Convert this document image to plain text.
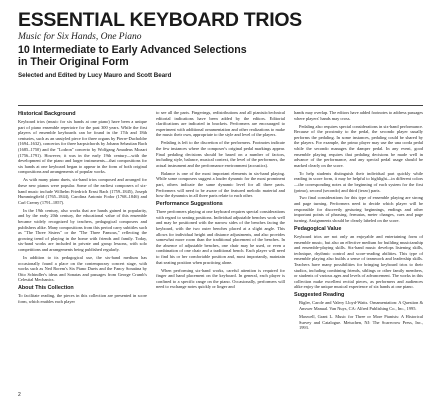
ESSENTIAL KEYBOARD TRIOS
Music for Six Hands, One Piano
10 Intermediate to Early Advanced Selections
in Their Original Form
Selected and Edited by Lucy Mauro and Scott Beard
Historical Background

Keyboard trios (music for six hands at one piano) have been a unique part of piano ensemble repertoire for the past 300 years. While the first players of ensemble keyboards can be found in the 17th and 18th centuries, such as an unstyled piece for three organs by Pierre-Ducholdre (1694–1632), concertos for three harpsichords by Johann Sebastian Bach (1685–1750) and the "Lodron" concerto by Wolfgang Amadeus Mozart (1756–1791). However, it was in the early 19th century—with the development of the piano and larger instruments—that compositions for six hands at one keyboard began to appear in the form of both original compositions and arrangements of popular works.

As with many piano duets, six-hand trios composed and arranged for these new pianos were popular. Some of the earliest composers of six-hand music include Wilhelm Friedrich Ernst Bach (1759–1845), Joseph Hummingfield (1765–1844), Carolina Antonio Fodor (1768–1846) and Carl Czerny (1791–1857).

In the 19th century, also works that are hands gained in popularity, and by the early 20th century, the educational value of this ensemble became widely recognized by teachers, pedagogical composers and publishers alike. Many compositions from this period carry subtitles such as "The Three Sisters" or the "The Three Famous," reflecting the growing trend of playing in the home with friends and family. Today, six-hand works are included in private and group lessons, with solo competitions and arrangements being published regularly.

In addition to its pedagogical use, the six-hand medium has occasionally found a place on the contemporary concert stage, with works such as Ned Rorem's Six Piano Duets and the Fancy Sonatina by Otto Schindler's ideas and Sonatas and passages from George Crumb's Celestial Mechanics.

About This Collection

To facilitate reading, the pieces in this collection are presented in score form, which enables each player

to see all the parts. Fingerings, redistributions and all pianistic/technical editorial indications have been added by the editors. Editorial clarifications are indicated in brackets. Performers are encouraged to experiment with additional ornamentation and other realizations to make the music their own, appropriate to the style and level of the players.

Pedaling is left to the discretion of the performers. Footnotes indicate the few instances where the composer's original pedal markings appear. Final pedaling decisions should be based on a number of factors, including style, balance, musical context, the level of the performers, the actual instrument and the performance environment (acoustics).

Balance is one of the most important elements in six-hand playing. While some composers suggest a louder dynamic for the most prominent part, others indicate the same dynamic level for all three parts. Performers will need to be aware of the featured melodic material and how the dynamics in all three parts relate to each other.

Performance Suggestions

Three performers playing at one keyboard requires special considerations with regard to seating positions. Individual adjustable benches work well and may be positioned with the narrow sides of the benches facing the keyboard, with the two outer benches placed at a slight angle. This allows for individual height and distance adjustments, and also provides somewhat more room than the traditional placement of the benches. In the absence of adjustable benches, one chair may be used, or even a combination of one chair and a traditional bench. Each player will need to find his or her comfortable position and, most importantly, maintain that seating position when practicing alone.

When performing six-hand works, careful attention is required for finger and hand placement on the keyboard. In general, each player is confined to a specific range on the piano. Occasionally, performers will need to exchange notes quickly or linger and

hands may overlap. The editors have added footnotes to address passages where players' hands may cross.

Pedaling also requires special considerations in six-hand performance. Because of the proximity to the pedal, the secondo player usually performs the pedaling. In some instances, pedaling could be shared by the players. For example, the primo player may use the una corda pedal while the secondo manages the damper pedal. In any event, good ensemble playing requires that pedaling decisions be made well in advance of the performance, and any special pedal usage should be marked clearly on the score.

To help students distinguish their individual part quickly while reading in score form, it may be helpful to highlight—in different colors—the corresponding notes at the beginning of each system for the first (primo), second (secondo) and third (terzo) parts.

Two final considerations for this type of ensemble playing are strong and page turning. Performers need to decide which player will be responsible for discreetly gesturing beginnings, endings and other important points of phrasing, fermatas, meter changes, cues and page turning. Assignments should be clearly labeled on the score.

Pedagogical Value

Keyboard trios are not only an enjoyable and entertaining form of ensemble music, but also an effective medium for building musicianship and ensemble-playing skills. Six-hand music develops listening skills, technique, rhythmic control and score-reading abilities. This type of ensemble playing also builds a sense of teamwork and leadership skills. Teachers have many possibilities for bringing keyboard trios to their studios, including combining friends, siblings or other family members, or students of various ages and levels of advancement. The works in this collection make excellent recital pieces, as performers and audiences alike enjoy the unique musical experience of six hands at one piano.

Suggested Reading

Bigler, Carole and Valery Lloyd-Watts. Ornamentation: A Question & Answer Manual. Van Nuys, CA: Alfred Publishing Co., Inc., 1995.

Maxwell, Grant L. Music for Three or More Pianists: A Historical Survey and Catalogue. Metuchen, NJ: The Scarecrow Press, Inc., 1993.

2
